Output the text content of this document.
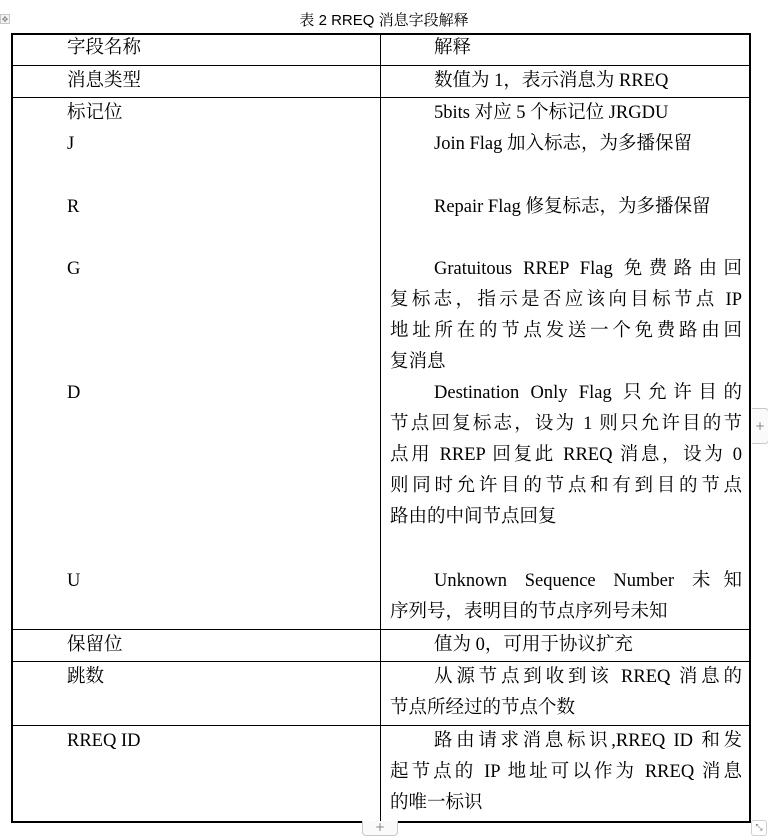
表 2 RREQ 消息字段解释
✥
字段名称	解释
消息类型	数值为 1，表示消息为 RREQ
标记位	5bits 对应 5 个标记位 JRGDU
J	Join Flag 加入标志，为多播保留
R	Repair Flag 修复标志，为多播保留
G	Gratuitous RREP Flag 免费路由回
复标志，指示是否应该向目标节点 IP
地址所在的节点发送一个免费路由回
复消息
D	Destination Only Flag 只允许目的
节点回复标志，设为 1 则只允许目的节
点用 RREP 回复此 RREQ 消息，设为 0
则同时允许目的节点和有到目的节点
路由的中间节点回复
U	Unknown Sequence Number 未知
序列号，表明目的节点序列号未知
保留位	值为 0，可用于协议扩充
跳数	从源节点到收到该 RREQ 消息的
节点所经过的节点个数
RREQ ID	路由请求消息标识,RREQ ID 和发
起节点的 IP 地址可以作为 RREQ 消息
的唯一标识
+
+	⤡
